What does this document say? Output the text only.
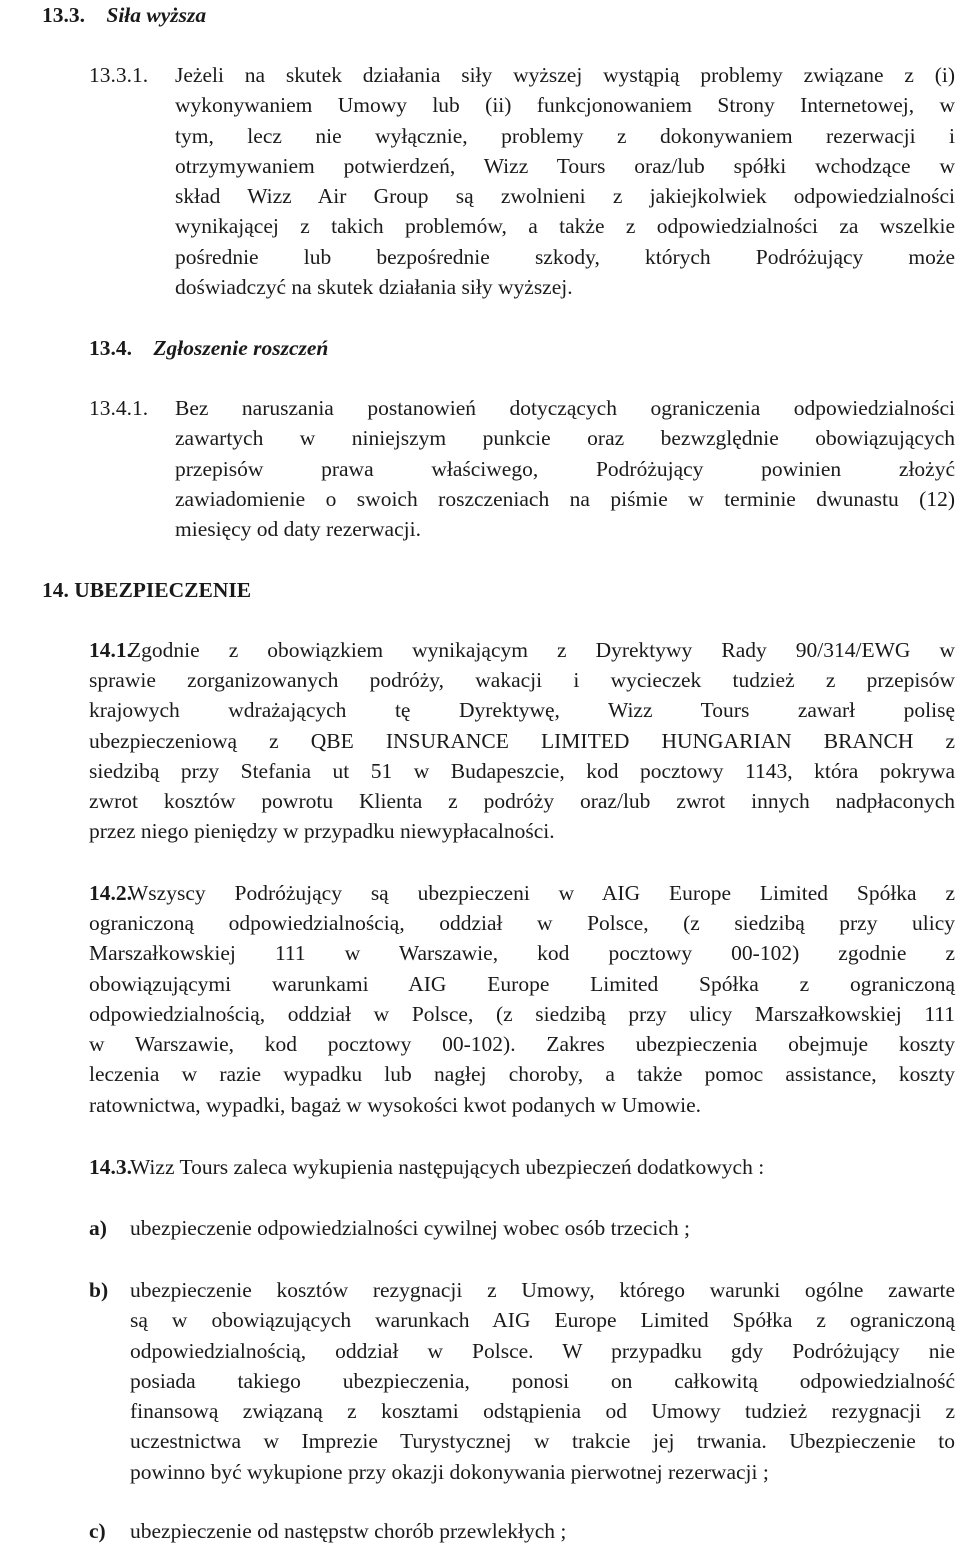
13.3. Siła wyższa
13.3.1. Jeżeli na skutek działania siły wyższej wystąpią problemy związane z (i)
wykonywaniem Umowy lub (ii) funkcjonowaniem Strony Internetowej, w
tym, lecz nie wyłącznie, problemy z dokonywaniem rezerwacji i
otrzymywaniem potwierdzeń, Wizz Tours oraz/lub spółki wchodzące w
skład Wizz Air Group są zwolnieni z jakiejkolwiek odpowiedzialności
wynikającej z takich problemów, a także z odpowiedzialności za wszelkie
pośrednie lub bezpośrednie szkody, których Podróżujący może
doświadczyć na skutek działania siły wyższej.
13.4. Zgłoszenie roszczeń
13.4.1. Bez naruszania postanowień dotyczących ograniczenia odpowiedzialności
zawartych w niniejszym punkcie oraz bezwzględnie obowiązujących
przepisów prawa właściwego, Podróżujący powinien złożyć
zawiadomienie o swoich roszczeniach na piśmie w terminie dwunastu (12)
miesięcy od daty rezerwacji.
14. UBEZPIECZENIE
14.1.
Zgodnie z obowiązkiem wynikającym z Dyrektywy Rady 90/314/EWG w
sprawie zorganizowanych podróży, wakacji i wycieczek tudzież z przepisów
krajowych wdrażających tę Dyrektywę, Wizz Tours zawarł polisę
ubezpieczeniową z QBE INSURANCE LIMITED HUNGARIAN BRANCH z
siedzibą przy Stefania ut 51 w Budapeszcie, kod pocztowy 1143, która pokrywa
zwrot kosztów powrotu Klienta z podróży oraz/lub zwrot innych nadpłaconych
przez niego pieniędzy w przypadku niewypłacalności.
14.2.
Wszyscy Podróżujący są ubezpieczeni w AIG Europe Limited Spółka z
ograniczoną odpowiedzialnością, oddział w Polsce, (z siedzibą przy ulicy
Marszałkowskiej 111 w Warszawie, kod pocztowy 00-102) zgodnie z
obowiązującymi warunkami AIG Europe Limited Spółka z ograniczoną
odpowiedzialnością, oddział w Polsce, (z siedzibą przy ulicy Marszałkowskiej 111
w Warszawie, kod pocztowy 00-102). Zakres ubezpieczenia obejmuje koszty
leczenia w razie wypadku lub nagłej choroby, a także pomoc assistance, koszty
ratownictwa, wypadki, bagaż w wysokości kwot podanych w Umowie.
14.3.
Wizz Tours zaleca wykupienia następujących ubezpieczeń dodatkowych :
a) ubezpieczenie odpowiedzialności cywilnej wobec osób trzecich ;
b) ubezpieczenie kosztów rezygnacji z Umowy, którego warunki ogólne zawarte
są w obowiązujących warunkach AIG Europe Limited Spółka z ograniczoną
odpowiedzialnością, oddział w Polsce. W przypadku gdy Podróżujący nie
posiada takiego ubezpieczenia, ponosi on całkowitą odpowiedzialność
finansową związaną z kosztami odstąpienia od Umowy tudzież rezygnacji z
uczestnictwa w Imprezie Turystycznej w trakcie jej trwania. Ubezpieczenie to
powinno być wykupione przy okazji dokonywania pierwotnej rezerwacji ;
c) ubezpieczenie od następstw chorób przewlekłych ;
